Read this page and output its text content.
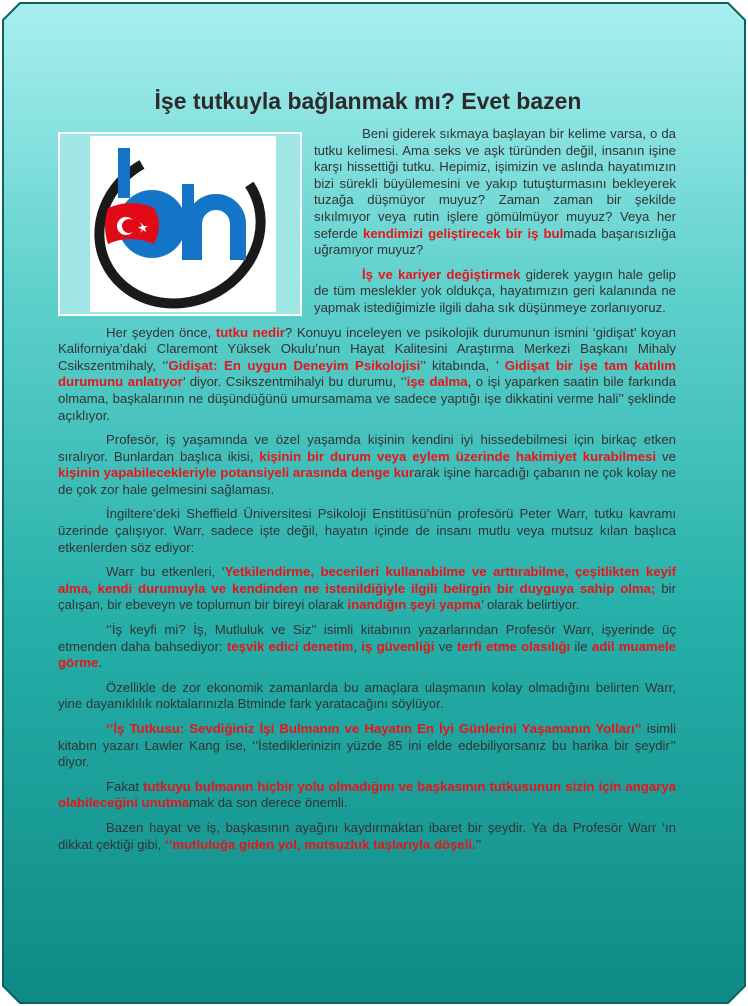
İşe tutkuyla bağlanmak mı? Evet bazen

Beni giderek sıkmaya başlayan bir kelime varsa, o da tutku kelimesi. Ama seks ve aşk türünden değil, insanın işine karşı hissettiği tutku. Hepimiz, işimizin ve aslında hayatımızın bizi sürekli büyülemesini ve yakıp tutuşturmasını bekleyerek tuzağa düşmüyor muyuz? Zaman zaman bir şekilde sıkılmıyor veya rutin işlere gömülmüyor muyuz? Veya her seferde kendimizi geliştirecek bir iş bulmada başarısızlığa uğramıyor muyuz?

İş ve kariyer değiştirmek giderek yaygın hale gelip de tüm meslekler yok oldukça, hayatımızın geri kalanında ne yapmak istediğimizle ilgili daha sık düşünmeye zorlanıyoruz.

Her şeyden önce, tutku nedir? Konuyu inceleyen ve psikolojik durumunun ismini ‘gidişat’ koyan Kaliforniya’daki Claremont Yüksek Okulu’nun Hayat Kalitesini Araştırma Merkezi Başkanı Mihaly Csikszentmihaly, ‘’Gidişat: En uygun Deneyim Psikolojisi’’ kitabında, ’ Gidişat bir işe tam katılım durumunu anlatıyor’ diyor. Csikszentmihalyi bu durumu, ‘’işe dalma, o işi yaparken saatin bile farkında olmama, başkalarının ne düşündüğünü umursamama ve sadece yaptığı işe dikkatini verme hali’’ şeklinde açıklıyor.

Profesör, iş yaşamında ve özel yaşamda kişinin kendini iyi hissedebilmesi için birkaç etken sıralıyor. Bunlardan başlıca ikisi, kişinin bir durum veya eylem üzerinde hakimiyet kurabilmesi ve kişinin yapabilecekleriyle potansiyeli arasında denge kurarak işine harcadığı çabanın ne çok kolay ne de çok zor hale gelmesini sağlaması.

İngiltere’deki Sheffield Üniversitesi Psikoloji Enstitüsü’nün profesörü Peter Warr, tutku kavramı üzerinde çalışıyor. Warr, sadece işte değil, hayatın içinde de insanı mutlu veya mutsuz kılan başlıca etkenlerden söz ediyor:

Warr bu etkenleri, ‘Yetkilendirme, becerileri kullanabilme ve arttırabilme, çeşitlikten keyif alma, kendi durumuyla ve kendinden ne istenildiğiyle ilgili belirgin bir duyguya sahip olma; bir çalışan, bir ebeveyn ve toplumun bir bireyi olarak inandığın şeyi yapma’ olarak belirtiyor.

‘’İş keyfi mi? İş, Mutluluk ve Siz’’ isimli kitabının yazarlarından Profesör Warr, işyerinde üç etmenden daha bahsediyor: teşvik edici denetim, iş güvenliği ve terfi etme olasılığı ile adil muamele görme.

Özellikle de zor ekonomik zamanlarda bu amaçlara ulaşmanın kolay olmadığını belirten Warr, yine dayanıklılık noktalarınızla Btminde fark yaratacağını söylüyor.

‘’İş Tutkusu: Sevdiğiniz İşi Bulmanın ve Hayatın En İyi Günlerini Yaşamanın Yolları’’ isimli kitabın yazarı Lawler Kang ise, ‘’İstediklerinizin yüzde 85 ini elde edebiliyorsanız bu harika bir şeydir’’ diyor.

Fakat tutkuyu bulmanın hiçbir yolu olmadığını ve başkasının tutkusunun sizin için angarya olabileceğini unutmamak da son derece önemli.

Bazen hayat ve iş, başkasının ayağını kaydırmaktan ibaret bir şeydir. Ya da Profesör Warr ‘ın dikkat çektiği gibi, ‘’mutluluğa giden yol, mutsuzluk taşlarıyla döşeli.’’
